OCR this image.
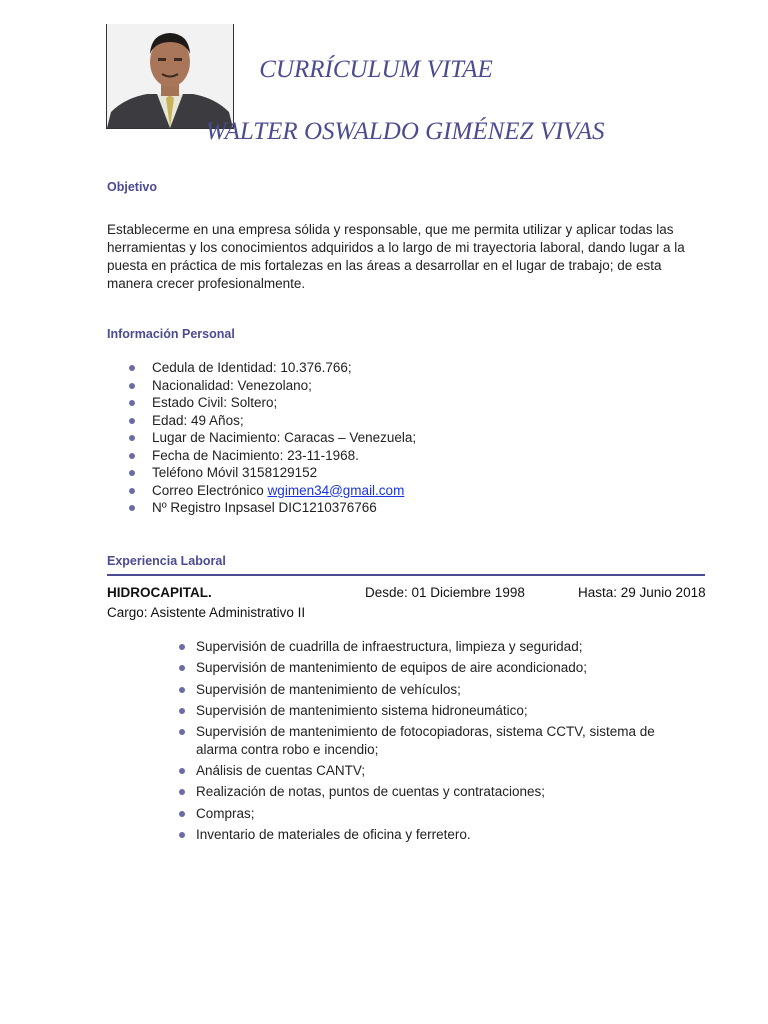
CURRÍCULUM VITAE
WALTER OSWALDO GIMÉNEZ VIVAS
Objetivo
Establecerme en una empresa sólida y responsable, que me permita utilizar y aplicar todas las herramientas y los conocimientos adquiridos a lo largo de mi trayectoria laboral, dando lugar a la puesta en práctica de mis fortalezas en las áreas a desarrollar en el lugar de trabajo; de esta manera crecer profesionalmente.
Información Personal
Cedula de Identidad: 10.376.766;
Nacionalidad: Venezolano;
Estado Civil: Soltero;
Edad: 49 Años;
Lugar de Nacimiento: Caracas – Venezuela;
Fecha de Nacimiento: 23-11-1968.
Teléfono Móvil 3158129152
Correo Electrónico wgimen34@gmail.com
Nº Registro Inpsasel DIC1210376766
Experiencia Laboral
HIDROCAPITAL.	Desde: 01 Diciembre 1998	Hasta: 29 Junio 2018
Cargo: Asistente Administrativo II
Supervisión de cuadrilla de infraestructura, limpieza y seguridad;
Supervisión de mantenimiento de equipos de aire acondicionado;
Supervisión de mantenimiento de vehículos;
Supervisión de mantenimiento sistema hidroneumático;
Supervisión de mantenimiento de fotocopiadoras, sistema CCTV, sistema de alarma contra robo e incendio;
Análisis de cuentas CANTV;
Realización de notas, puntos de cuentas y contrataciones;
Compras;
Inventario de materiales de oficina y ferretero.
